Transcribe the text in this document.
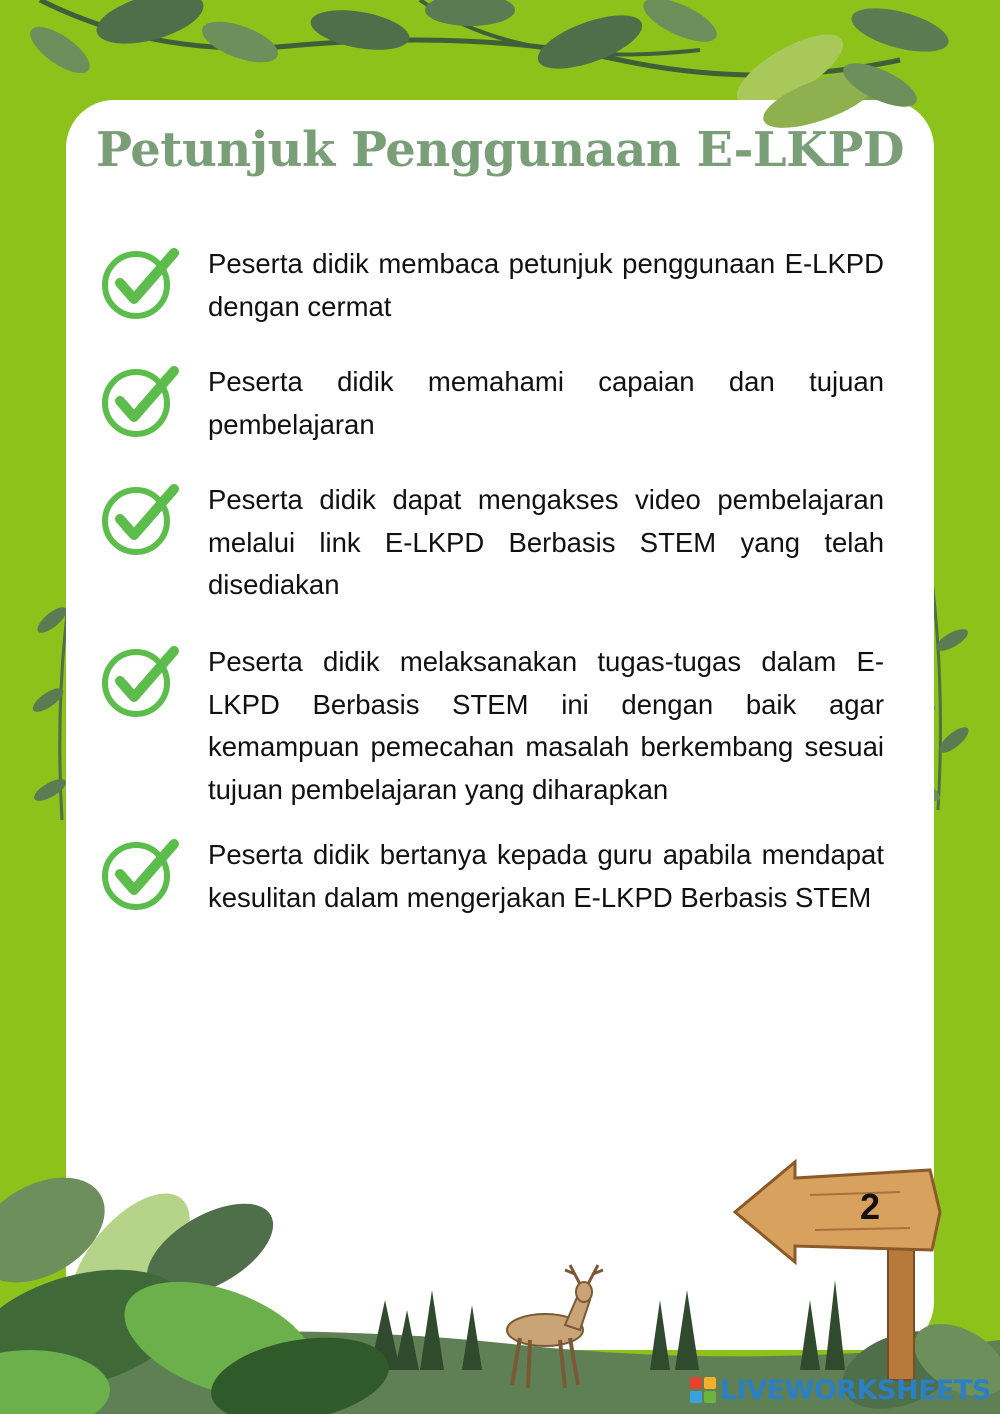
Petunjuk Penggunaan E-LKPD

Peserta didik membaca petunjuk penggunaan E-LKPD dengan cermat

Peserta didik memahami capaian dan tujuan pembelajaran

Peserta didik dapat mengakses video pembelajaran melalui link E-LKPD Berbasis STEM yang telah disediakan

Peserta didik melaksanakan tugas-tugas dalam E-LKPD Berbasis STEM ini dengan baik agar kemampuan pemecahan masalah berkembang sesuai tujuan pembelajaran yang diharapkan

Peserta didik bertanya kepada guru apabila mendapat kesulitan dalam mengerjakan E-LKPD Berbasis STEM

2
LIVEWORKSHEETS
